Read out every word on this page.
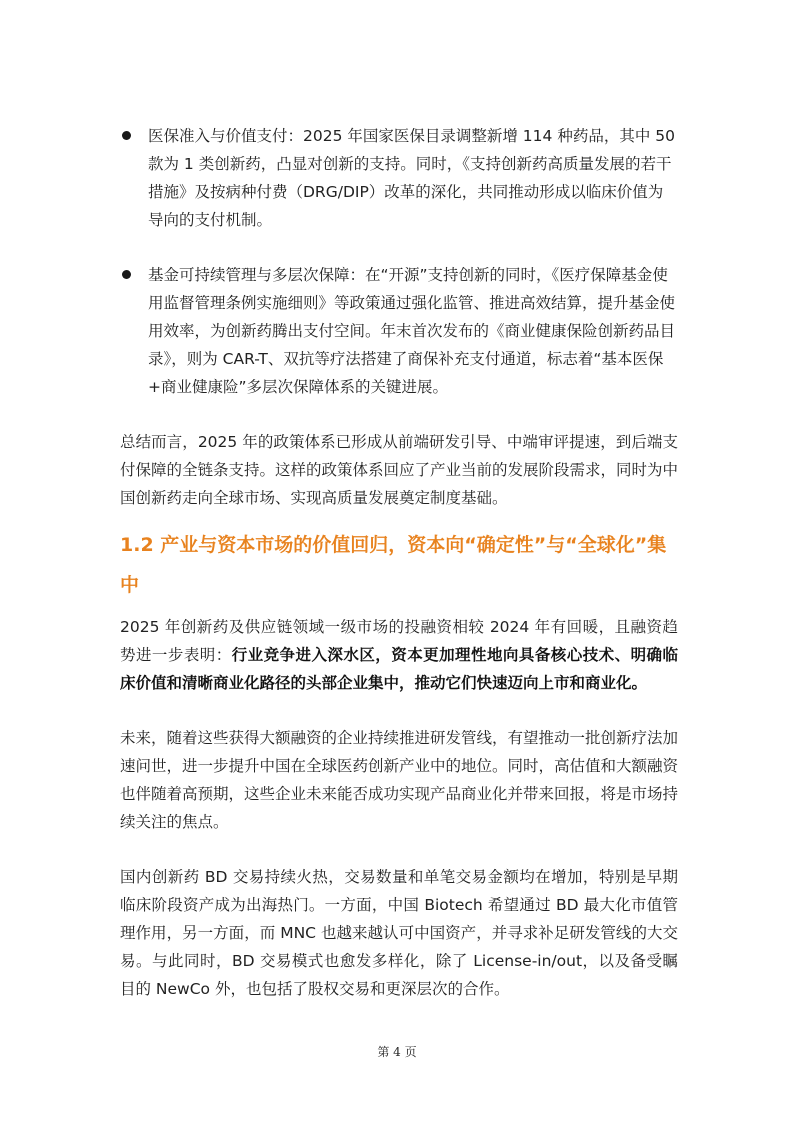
医保准入与价值支付：2025 年国家医保目录调整新增 114 种药品，其中 50 款为 1 类创新药，凸显对创新的支持。同时，《支持创新药高质量发展的若干措施》及按病种付费（DRG/DIP）改革的深化，共同推动形成以临床价值为导向的支付机制。
基金可持续管理与多层次保障：在“开源”支持创新的同时，《医疗保障基金使用监督管理条例实施细则》等政策通过强化监管、推进高效结算，提升基金使用效率，为创新药腾出支付空间。年末首次发布的《商业健康保险创新药品目录》，则为 CAR-T、双抗等疗法搭建了商保补充支付通道，标志着“基本医保+商业健康险”多层次保障体系的关键进展。

总结而言，2025 年的政策体系已形成从前端研发引导、中端审评提速，到后端支付保障的全链条支持。这样的政策体系回应了产业当前的发展阶段需求，同时为中国创新药走向全球市场、实现高质量发展奠定制度基础。

1.2 产业与资本市场的价值回归，资本向“确定性”与“全球化”集中

2025 年创新药及供应链领域一级市场的投融资相较 2024 年有回暖，且融资趋势进一步表明：行业竞争进入深水区，资本更加理性地向具备核心技术、明确临床价值和清晰商业化路径的头部企业集中，推动它们快速迈向上市和商业化。

未来，随着这些获得大额融资的企业持续推进研发管线，有望推动一批创新疗法加速问世，进一步提升中国在全球医药创新产业中的地位。同时，高估值和大额融资也伴随着高预期，这些企业未来能否成功实现产品商业化并带来回报，将是市场持续关注的焦点。

国内创新药 BD 交易持续火热，交易数量和单笔交易金额均在增加，特别是早期临床阶段资产成为出海热门。一方面，中国 Biotech 希望通过 BD 最大化市值管理作用，另一方面，而 MNC 也越来越认可中国资产，并寻求补足研发管线的大交易。与此同时，BD 交易模式也愈发多样化，除了 License-in/out，以及备受瞩目的 NewCo 外，也包括了股权交易和更深层次的合作。

第 4 页
